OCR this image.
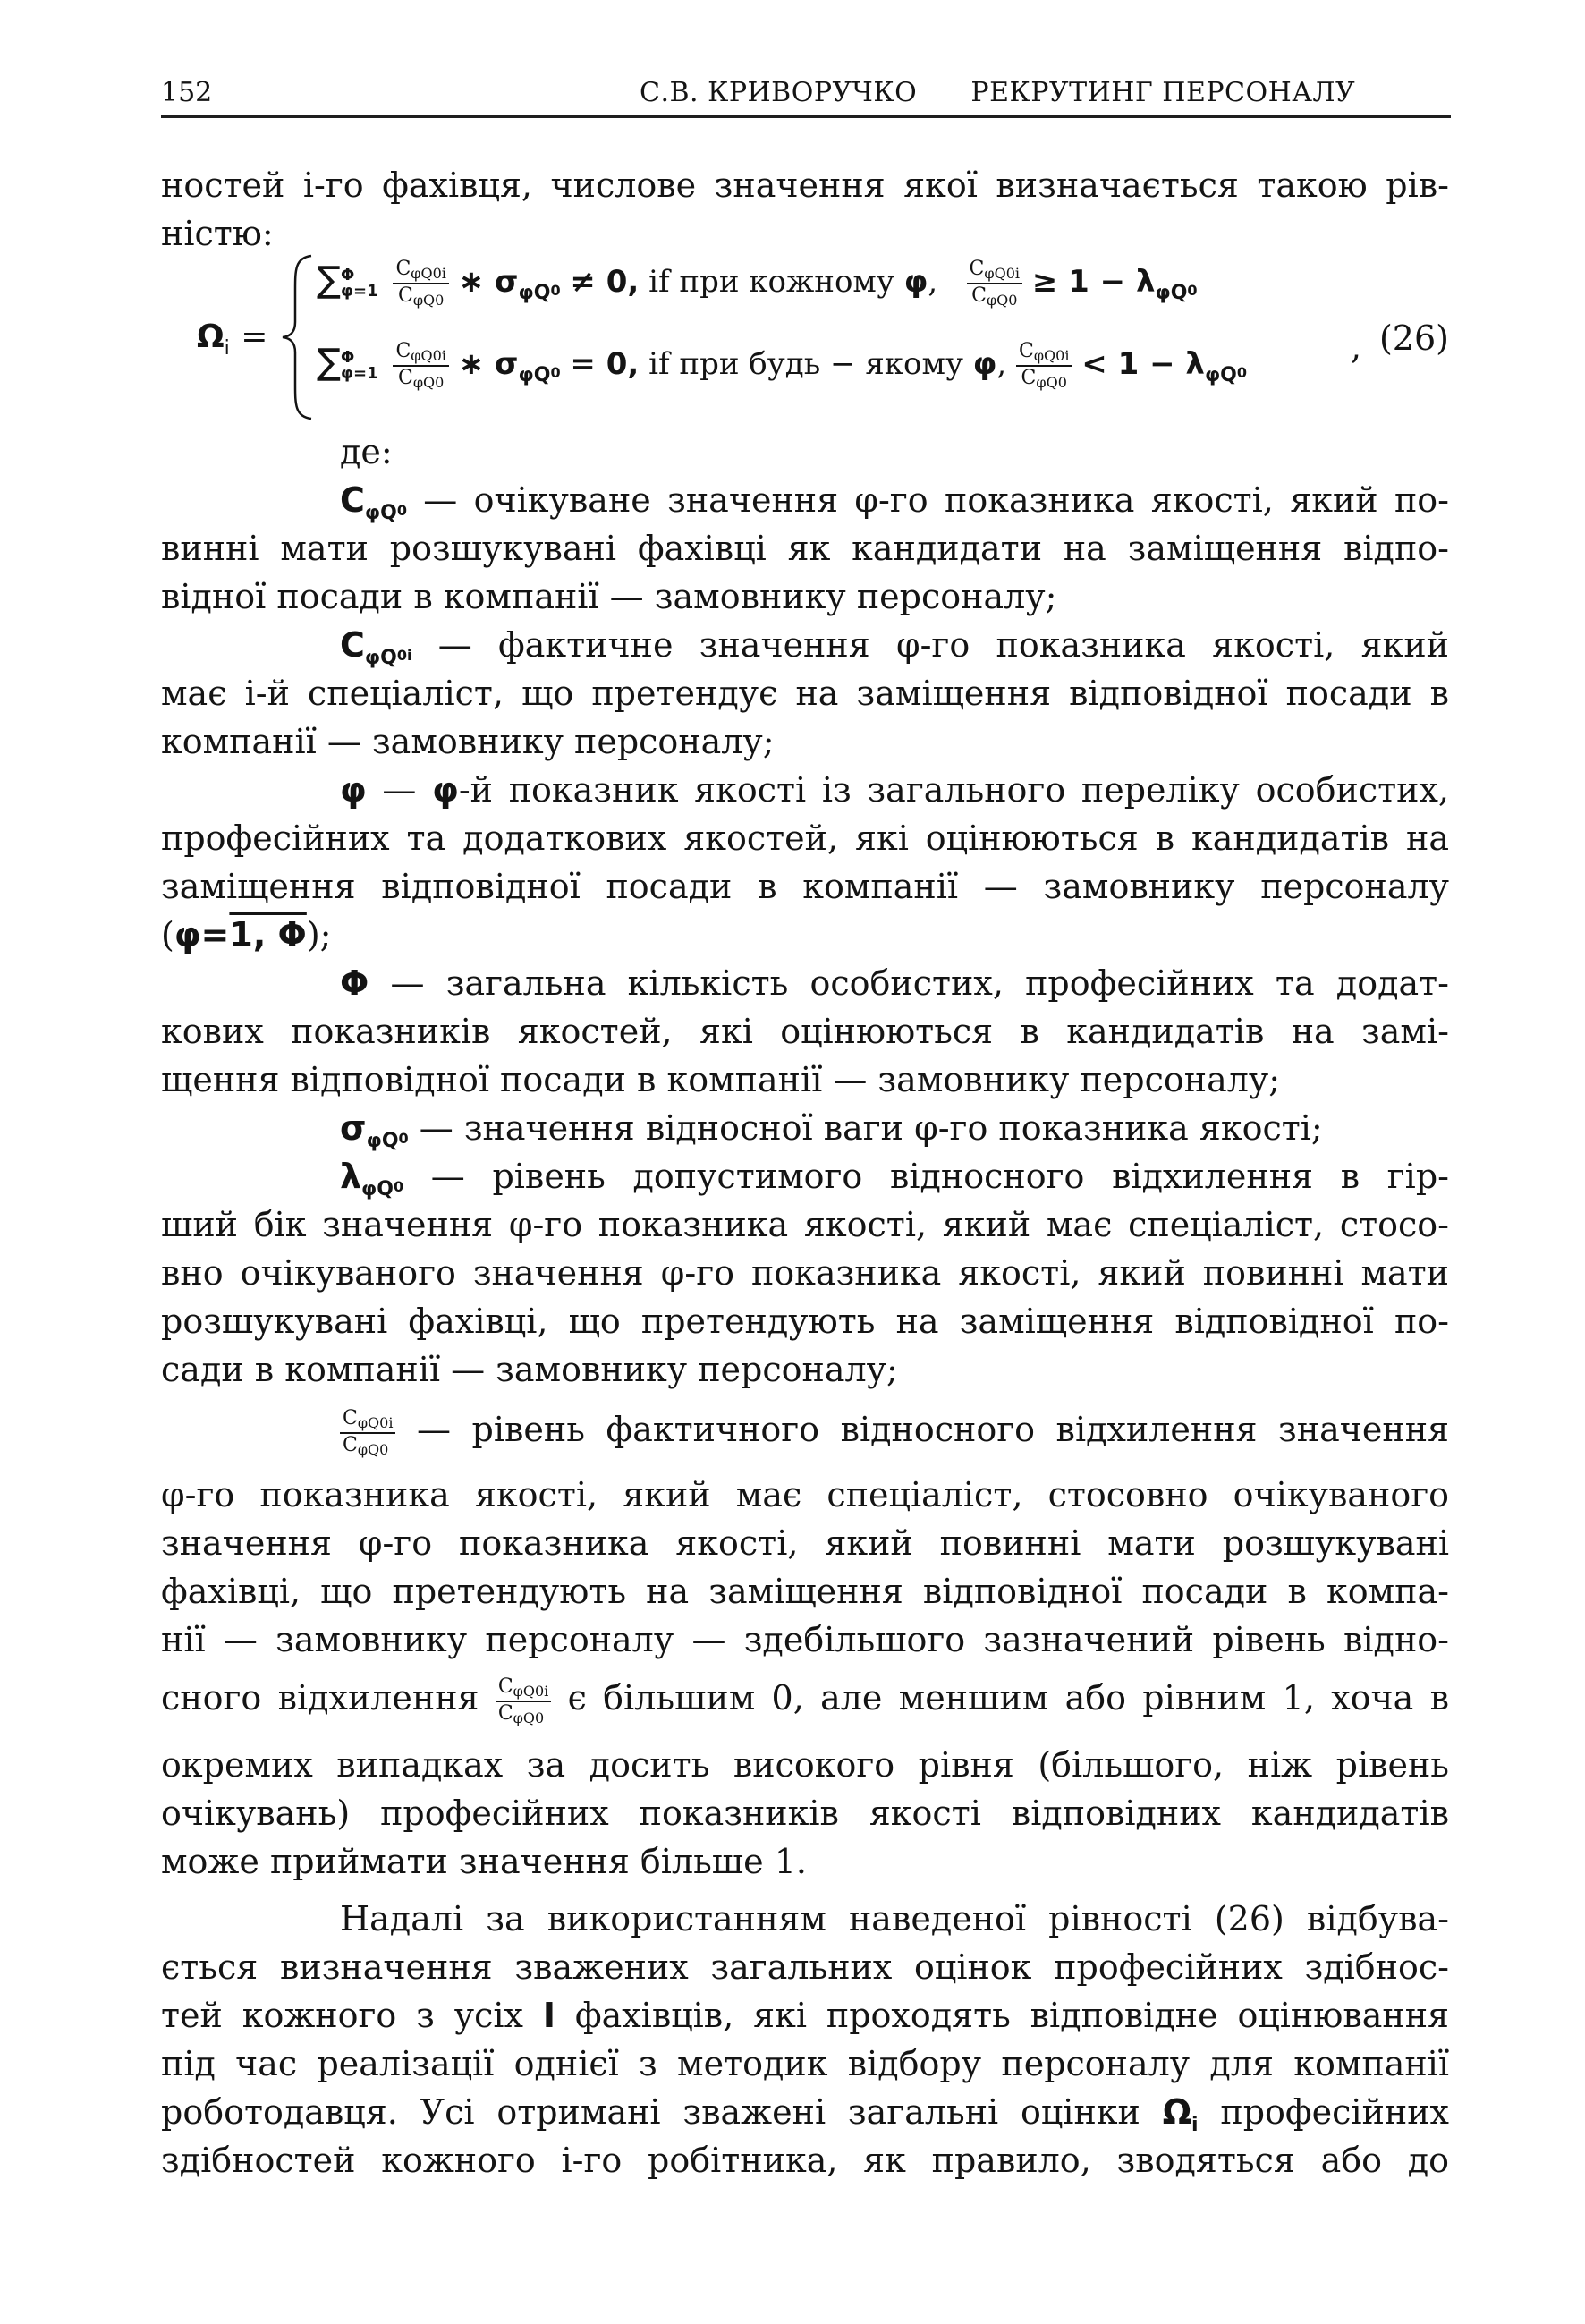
152	С.В. КРИВОРУЧКО      РЕКРУТИНГ ПЕРСОНАЛУ
ностей і-го фахівця, числове значення якої визначається такою рів-
ністю:
$\Omega_i$ =
∑ Φ
φ=1
$\frac{\text{CφQ0i}}{\text{CφQ0}}$ ∗ $\sigma_{\varphi Q}0 \ne 0$, if при кожному φ, $\frac{\text{CφQ0i}}{\text{CφQ0}} \ge 1 - \lambda_{\varphi Q}0$
∑ Φ
φ=1
$\frac{\text{CφQ0i}}{\text{CφQ0}}$ ∗ $\sigma_{\varphi Q}0 = 0$, if при будь − якому φ, $\frac{\text{CφQ0i}}{\text{CφQ0}} < 1 - \lambda_{\varphi Q}0$
, (26)
де:
$C_{\varphi Q}0$ — очікуване значення φ-го показника якості, який по-
винні мати розшукувані фахівці як кандидати на заміщення відпо-
відної посади в компанії — замовнику персоналу;
$C_{\varphi Q}0i$ — фактичне значення φ-го показника якості, який
має і-й спеціаліст, що претендує на заміщення відповідної посади в
компанії — замовнику персоналу;
φ — φ-й показник якості із загального переліку особистих,
професійних та додаткових якостей, які оцінюються в кандидатів на
заміщення відповідної посади в компанії — замовнику персоналу
(φ=1, Φ);
Φ — загальна кількість особистих, професійних та додат-
кових показників якостей, які оцінюються в кандидатів на замі-
щення відповідної посади в компанії — замовнику персоналу;
$\sigma_{\varphi Q}0$ — значення відносної ваги φ-го показника якості;
$\lambda_{\varphi Q}0$ — рівень допустимого відносного відхилення в гір-
ший бік значення φ-го показника якості, який має спеціаліст, стосо-
вно очікуваного значення φ-го показника якості, який повинні мати
розшукувані фахівці, що претендують на заміщення відповідної по-
сади в компанії — замовнику персоналу;
$\frac{\text{CφQ0i}}{\text{CφQ0}}$ — рівень фактичного відносного відхилення значення
φ-го показника якості, який має спеціаліст, стосовно очікуваного
значення φ-го показника якості, який повинні мати розшукувані
фахівці, що претендують на заміщення відповідної посади в компа-
нії — замовнику персоналу — здебільшого зазначений рівень відно-
сного відхилення $\frac{\text{CφQ0i}}{\text{CφQ0}}$ є більшим 0, але меншим або рівним 1, хоча в
окремих випадках за досить високого рівня (більшого, ніж рівень
очікувань) професійних показників якості відповідних кандидатів
може приймати значення більше 1.
Надалі за використанням наведеної рівності (26) відбува-
ється визначення зважених загальних оцінок професійних здібнос-
тей кожного з усіх I фахівців, які проходять відповідне оцінювання
під час реалізації однієї з методик відбору персоналу для компанії
роботодавця. Усі отримані зважені загальні оцінки $\Omega_i$ професійних
здібностей кожного і-го робітника, як правило, зводяться або до
